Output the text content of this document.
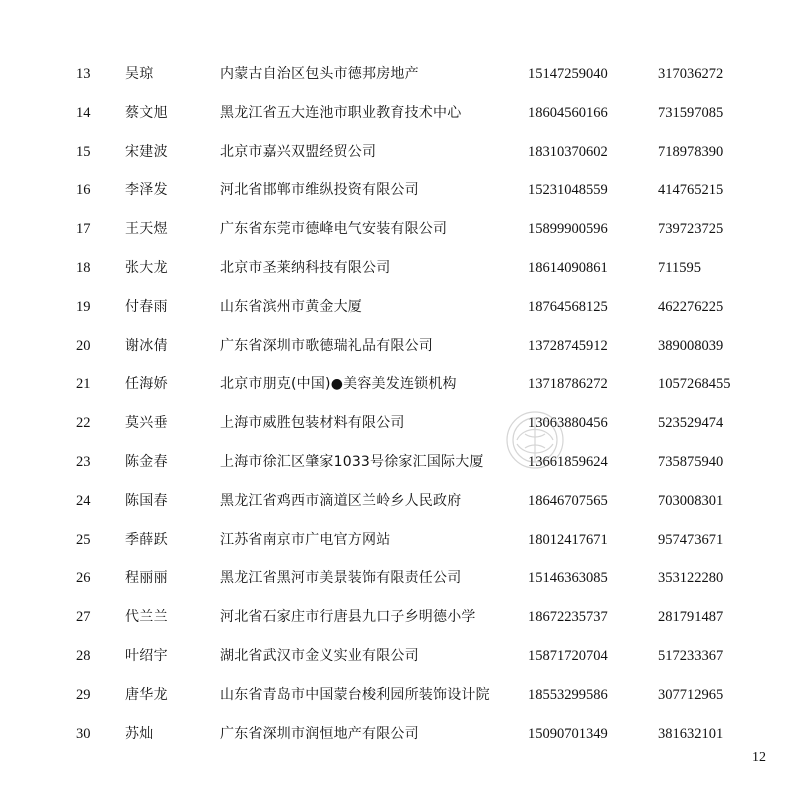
13 吴琼	内蒙古自治区包头市德邦房地产	15147259040	317036272
14 蔡文旭	黑龙江省五大连池市职业教育技术中心	18604560166	731597085
15 宋建波	北京市嘉兴双盟经贸公司	18310370602	718978390
16 李泽发	河北省邯郸市维纵投资有限公司	15231048559	414765215
17 王天煜	广东省东莞市德峰电气安装有限公司	15899900596	739723725
18 张大龙	北京市圣莱纳科技有限公司	18614090861	711595
19 付春雨	山东省滨州市黄金大厦	18764568125	462276225
20 谢冰倩	广东省深圳市歌德瑞礼品有限公司	13728745912	389008039
21 任海娇	北京市朋克(中国)●美容美发连锁机构	13718786272	1057268455
22 莫兴垂	上海市威胜包装材料有限公司	13063880456	523529474
23 陈金春	上海市徐汇区肇家1033号徐家汇国际大厦	13661859624	735875940
24 陈国春	黑龙江省鸡西市滴道区兰岭乡人民政府	18646707565	703008301
25 季薛跃	江苏省南京市广电官方网站	18012417671	957473671
26 程丽丽	黑龙江省黑河市美景装饰有限责任公司	15146363085	353122280
27 代兰兰	河北省石家庄市行唐县九口子乡明德小学	18672235737	281791487
28 叶绍宇	湖北省武汉市金义实业有限公司	15871720704	517233367
29 唐华龙	山东省青岛市中国蒙台梭利园所装饰设计院	18553299586	307712965
30 苏灿	广东省深圳市润恒地产有限公司	15090701349	381632101
12
